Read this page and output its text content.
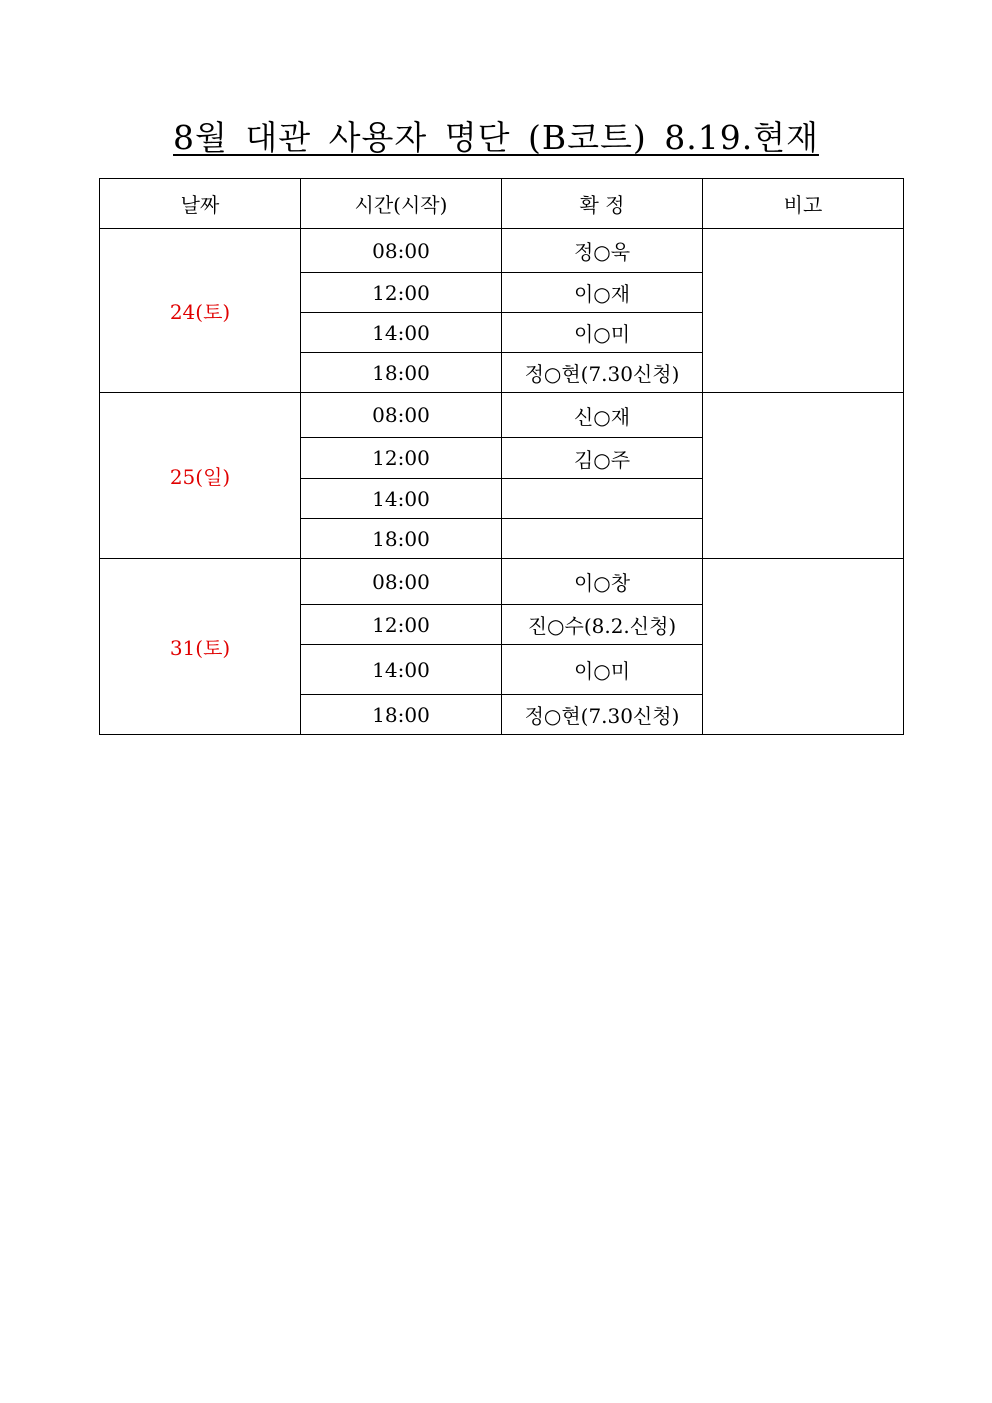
8월 대관 사용자 명단 (B코트) 8.19.현재
날짜	시간(시작)	확 정	비고
24(토)	08:00	정○욱	
	12:00	이○재	
	14:00	이○미	
	18:00	정○현(7.30신청)	
25(일)	08:00	신○재	
	12:00	김○주	
	14:00		
	18:00		
31(토)	08:00	이○창	
	12:00	진○수(8.2.신청)	
	14:00	이○미	
	18:00	정○현(7.30신청)	
